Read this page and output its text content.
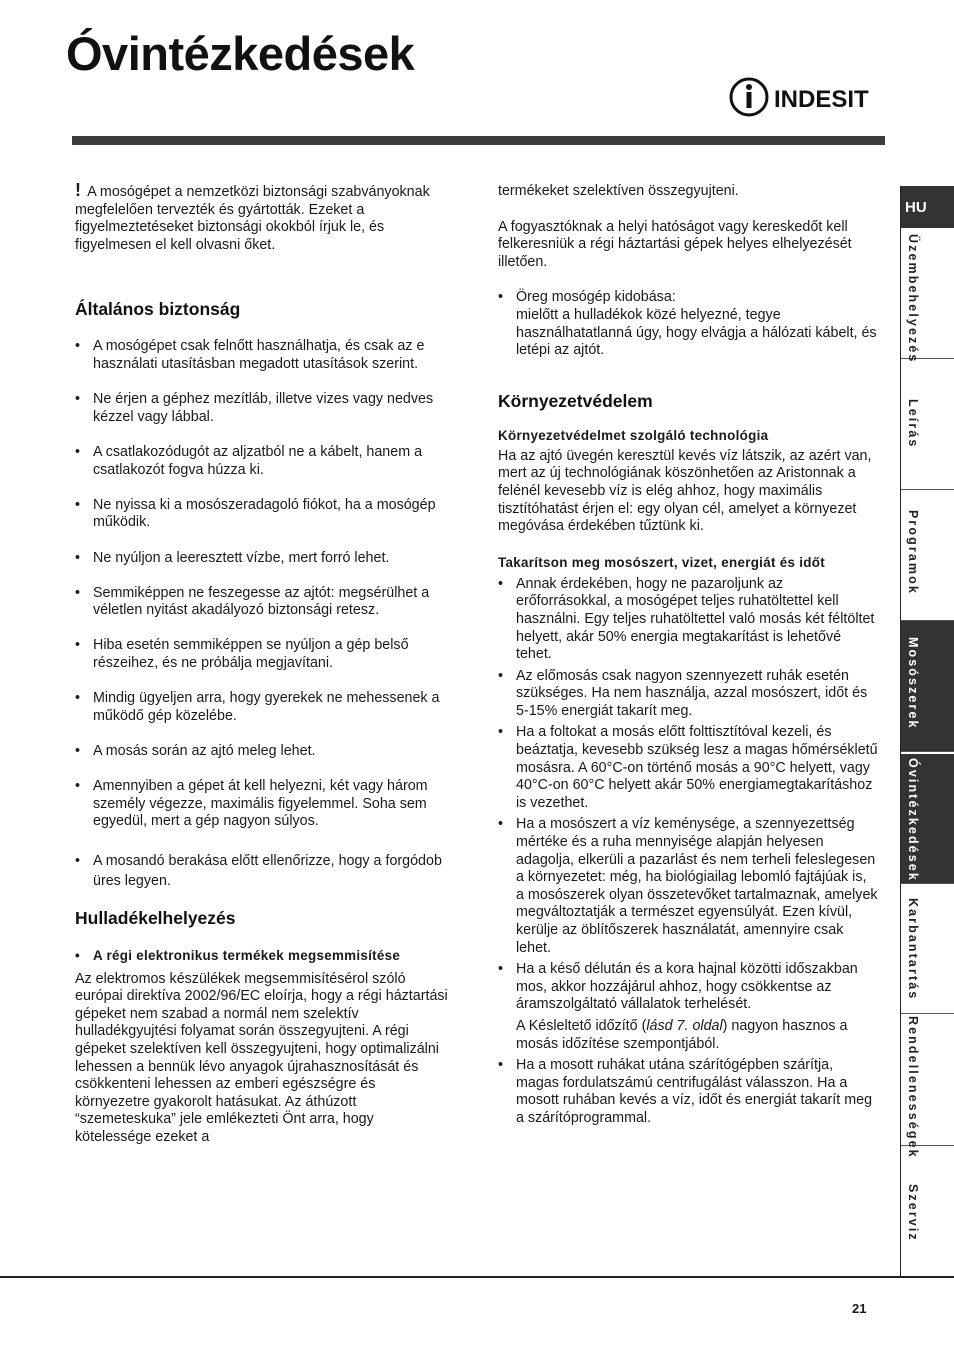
Óvintézkedések
INDESIT

! A mosógépet a nemzetközi biztonsági szabványoknak megfelelően tervezték és gyártották. Ezeket a figyelmeztetéseket biztonsági okokból írjuk le, és figyelmesen el kell olvasni őket.

Általános biztonság
• A mosógépet csak felnőtt használhatja, és csak az e használati utasításban megadott utasítások szerint.
• Ne érjen a géphez mezítláb, illetve vizes vagy nedves kézzel vagy lábbal.
• A csatlakozódugót az aljzatból ne a kábelt, hanem a csatlakozót fogva húzza ki.
• Ne nyissa ki a mosószeradagoló fiókot, ha a mosógép működik.
• Ne nyúljon a leeresztett vízbe, mert forró lehet.
• Semmiképpen ne feszegesse az ajtót: megsérülhet a véletlen nyitást akadályozó biztonsági retesz.
• Hiba esetén semmiképpen se nyúljon a gép belső részeihez, és ne próbálja megjavítani.
• Mindig ügyeljen arra, hogy gyerekek ne mehessenek a működő gép közelébe.
• A mosás során az ajtó meleg lehet.
• Amennyiben a gépet át kell helyezni, két vagy három személy végezze, maximális figyelemmel. Soha sem egyedül, mert a gép nagyon súlyos.
• A mosandó berakása előtt ellenőrizze, hogy a forgódob üres legyen.
Hulladékelhelyezés
• A régi elektronikus termékek megsemmisítése

Az elektromos készülékek megsemmisítésérol szóló európai direktíva 2002/96/EC eloírja, hogy a régi háztartási gépeket nem szabad a normál nem szelektív hulladékgyujtési folyamat során összegyujteni. A régi gépeket szelektíven kell összegyujteni, hogy optimalizálni lehessen a bennük lévo anyagok újrahasznosítását és csökkenteni lehessen az emberi egészségre és környezetre gyakorolt hatásukat. Az áthúzott “szemeteskuka” jele emlékezteti Önt arra, hogy kötelessége ezeket a

termékeket szelektíven összegyujteni.

A fogyasztóknak a helyi hatóságot vagy kereskedőt kell felkeresniük a régi háztartási gépek helyes elhelyezését illetően.

• Öreg mosógép kidobása:
mielőtt a hulladékok közé helyezné, tegye használhatatlanná úgy, hogy elvágja a hálózati kábelt, és letépi az ajtót.
Környezetvédelem
Környezetvédelmet szolgáló technológia

Ha az ajtó üvegén keresztül kevés víz látszik, az azért van, mert az új technológiának köszönhetően az Aristonnak a felénél kevesebb víz is elég ahhoz, hogy maximális tisztítóhatást érjen el: egy olyan cél, amelyet a környezet megóvása érdekében tűztünk ki.

Takarítson meg mosószert, vizet, energiát és időt
• Annak érdekében, hogy ne pazaroljunk az erőforrásokkal, a mosógépet teljes ruhatöltettel kell használni. Egy teljes ruhatöltettel való mosás két féltöltet helyett, akár 50% energia megtakarítást is lehetővé tehet.
• Az előmosás csak nagyon szennyezett ruhák esetén szükséges. Ha nem használja, azzal mosószert, időt és 5-15% energiát takarít meg.
• Ha a foltokat a mosás előtt folttisztítóval kezeli, és beáztatja, kevesebb szükség lesz a magas hőmérsékletű mosásra. A 60°C-on történő mosás a 90°C helyett, vagy 40°C-on 60°C helyett akár 50% energiamegtakarításhoz is vezethet.
• Ha a mosószert a víz keménysége, a szennyezettség mértéke és a ruha mennyisége alapján helyesen adagolja, elkerüli a pazarlást és nem terheli feleslegesen a környezetet: még, ha biológiailag lebomló fajtájúak is, a mosószerek olyan összetevőket tartalmaznak, amelyek megváltoztatják a természet egyensúlyát. Ezen kívül, kerülje az öblítőszerek használatát, amennyire csak lehet.
• Ha a késő délután és a kora hajnal közötti időszakban mos, akkor hozzájárul ahhoz, hogy csökkentse az áramszolgáltató vállalatok terhelését.

A Késleltető időzítő (lásd 7. oldal) nagyon hasznos a mosás időzítése szempontjából.

• Ha a mosott ruhákat utána szárítógépben szárítja, magas fordulatszámú centrifugálást válasszon. Ha a mosott ruhában kevés a víz, időt és energiát takarít meg a szárítóprogrammal.
HU
Üzembehelyezés
Leírás
Programok
Mosószerek
Óvintézkedések
Karbantartás
Rendellenességek
Szerviz
21
